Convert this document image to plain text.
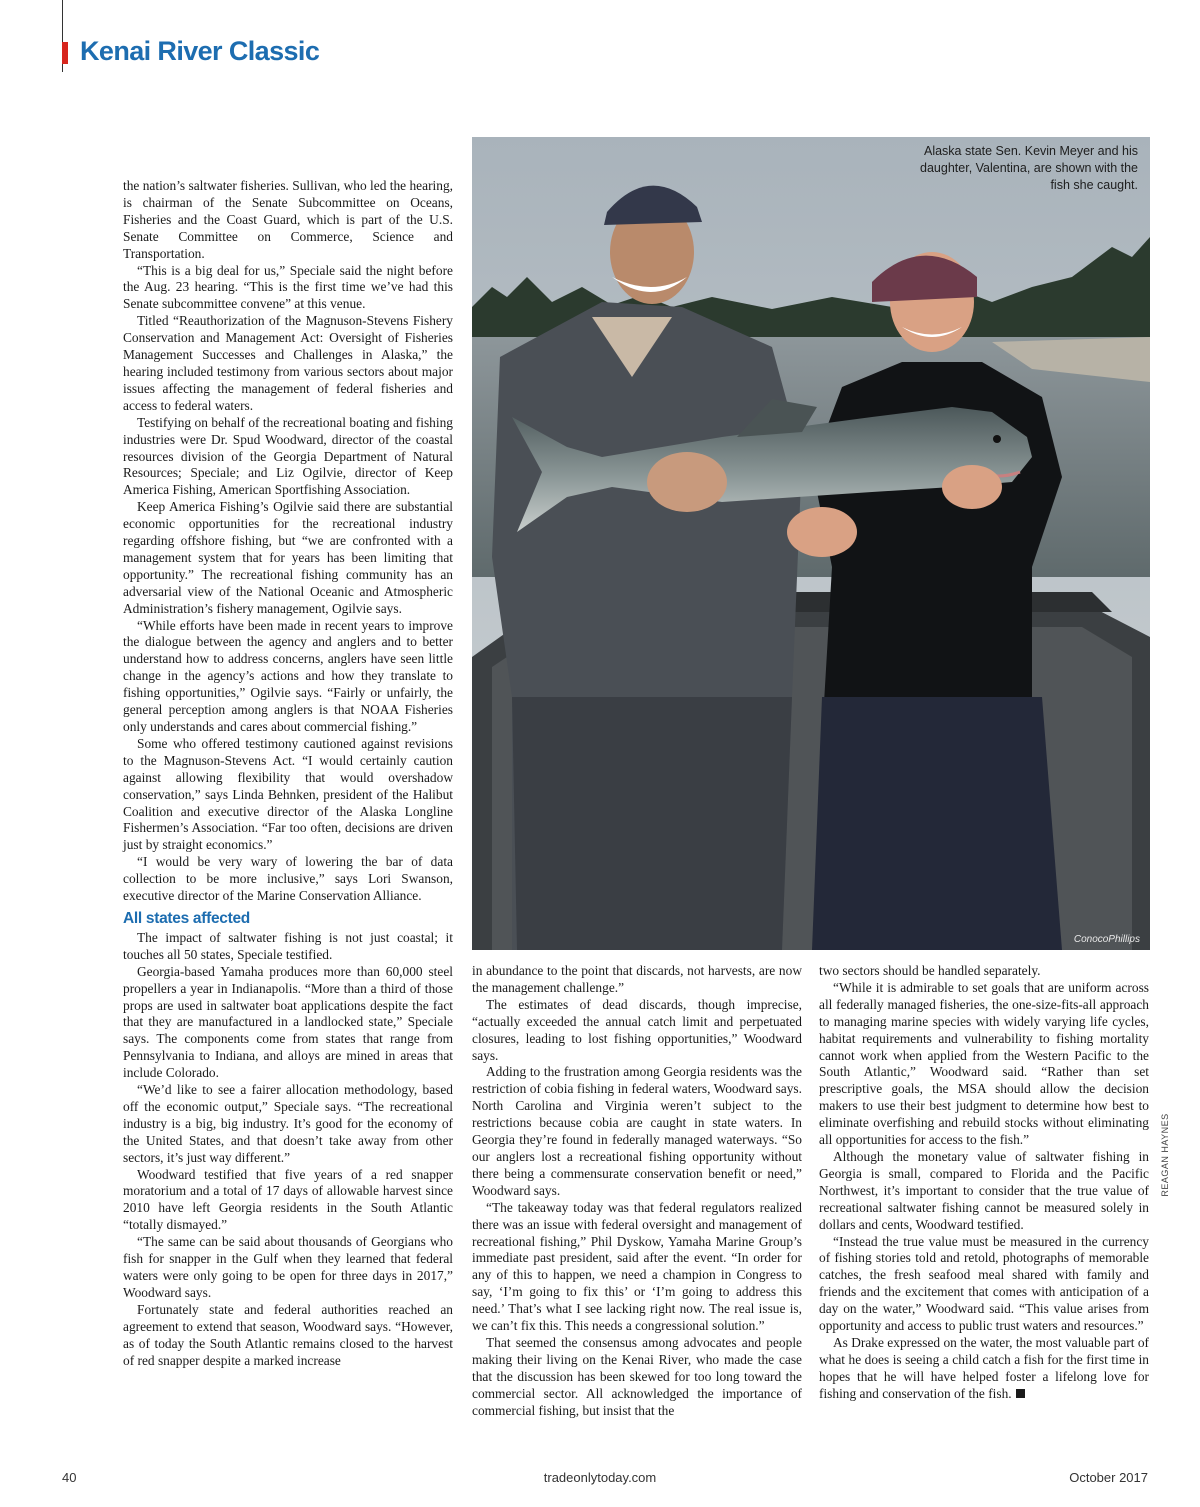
Kenai River Classic
ConocoPhillips
Alaska state Sen. Kevin Meyer and his daughter, Valentina, are shown with the fish she caught.

the nation’s saltwater fisheries. Sullivan, who led the hearing, is chairman of the Senate Subcommittee on Oceans, Fisheries and the Coast Guard, which is part of the U.S. Senate Committee on Commerce, Science and Transportation.

“This is a big deal for us,” Speciale said the night before the Aug. 23 hearing. “This is the first time we’ve had this Senate subcommittee convene” at this venue.

Titled “Reauthorization of the Magnuson-Stevens Fishery Conservation and Management Act: Oversight of Fisheries Management Successes and Challenges in Alaska,” the hearing included testimony from various sectors about major issues affecting the management of federal fisheries and access to federal waters.

Testifying on behalf of the recreational boating and fishing industries were Dr. Spud Woodward, director of the coastal resources division of the Georgia Department of Natural Resources; Speciale; and Liz Ogilvie, director of Keep America Fishing, American Sportfishing Association.

Keep America Fishing’s Ogilvie said there are substantial economic opportunities for the recreational industry regarding offshore fishing, but “we are confronted with a management system that for years has been limiting that opportunity.” The recreational fishing community has an adversarial view of the National Oceanic and Atmospheric Administration’s fishery management, Ogilvie says.

“While efforts have been made in recent years to improve the dialogue between the agency and anglers and to better understand how to address concerns, anglers have seen little change in the agency’s actions and how they translate to fishing opportunities,” Ogilvie says. “Fairly or unfairly, the general perception among anglers is that NOAA Fisheries only understands and cares about commercial fishing.”

Some who offered testimony cautioned against revisions to the Magnuson-Stevens Act. “I would certainly caution against allowing flexibility that would overshadow conservation,” says Linda Behnken, president of the Halibut Coalition and executive director of the Alaska Longline Fishermen’s Association. “Far too often, decisions are driven just by straight economics.”

“I would be very wary of lowering the bar of data collection to be more inclusive,” says Lori Swanson, executive director of the Marine Conservation Alliance.

All states affected

The impact of saltwater fishing is not just coastal; it touches all 50 states, Speciale testified.

Georgia-based Yamaha produces more than 60,000 steel propellers a year in Indianapolis. “More than a third of those props are used in saltwater boat applications despite the fact that they are manufactured in a landlocked state,” Speciale says. The components come from states that range from Pennsylvania to Indiana, and alloys are mined in areas that include Colorado.

“We’d like to see a fairer allocation methodology, based off the economic output,” Speciale says. “The recreational industry is a big, big industry. It’s good for the economy of the United States, and that doesn’t take away from other sectors, it’s just way different.”

Woodward testified that five years of a red snapper moratorium and a total of 17 days of allowable harvest since 2010 have left Georgia residents in the South Atlantic “totally dismayed.”

“The same can be said about thousands of Georgians who fish for snapper in the Gulf when they learned that federal waters were only going to be open for three days in 2017,” Woodward says.

Fortunately state and federal authorities reached an agreement to extend that season, Woodward says. “However, as of today the South Atlantic remains closed to the harvest of red snapper despite a marked increase

in abundance to the point that discards, not harvests, are now the management challenge.”

The estimates of dead discards, though imprecise, “actually exceeded the annual catch limit and perpetuated closures, leading to lost fishing opportunities,” Woodward says.

Adding to the frustration among Georgia residents was the restriction of cobia fishing in federal waters, Woodward says. North Carolina and Virginia weren’t subject to the restrictions because cobia are caught in state waters. In Georgia they’re found in federally managed waterways. “So our anglers lost a recreational fishing opportunity without there being a commensurate conservation benefit or need,” Woodward says.

“The takeaway today was that federal regulators realized there was an issue with federal oversight and management of recreational fishing,” Phil Dyskow, Yamaha Marine Group’s immediate past president, said after the event. “In order for any of this to happen, we need a champion in Congress to say, ‘I’m going to fix this’ or ‘I’m going to address this need.’ That’s what I see lacking right now. The real issue is, we can’t fix this. This needs a congressional solution.”

That seemed the consensus among advocates and people making their living on the Kenai River, who made the case that the discussion has been skewed for too long toward the commercial sector. All acknowledged the importance of commercial fishing, but insist that the

two sectors should be handled separately.

“While it is admirable to set goals that are uniform across all federally managed fisheries, the one-size-fits-all approach to managing marine species with widely varying life cycles, habitat requirements and vulnerability to fishing mortality cannot work when applied from the Western Pacific to the South Atlantic,” Woodward said. “Rather than set prescriptive goals, the MSA should allow the decision makers to use their best judgment to determine how best to eliminate overfishing and rebuild stocks without eliminating all opportunities for access to the fish.”

Although the monetary value of saltwater fishing in Georgia is small, compared to Florida and the Pacific Northwest, it’s important to consider that the true value of recreational saltwater fishing cannot be measured solely in dollars and cents, Woodward testified.

“Instead the true value must be measured in the currency of fishing stories told and retold, photographs of memorable catches, the fresh seafood meal shared with family and friends and the excitement that comes with anticipation of a day on the water,” Woodward said. “This value arises from opportunity and access to public trust waters and resources.”

As Drake expressed on the water, the most valuable part of what he does is seeing a child catch a fish for the first time in hopes that he will have helped foster a lifelong love for fishing and conservation of the fish.

REAGAN HAYNES
40	tradeonlytoday.com	October 2017
